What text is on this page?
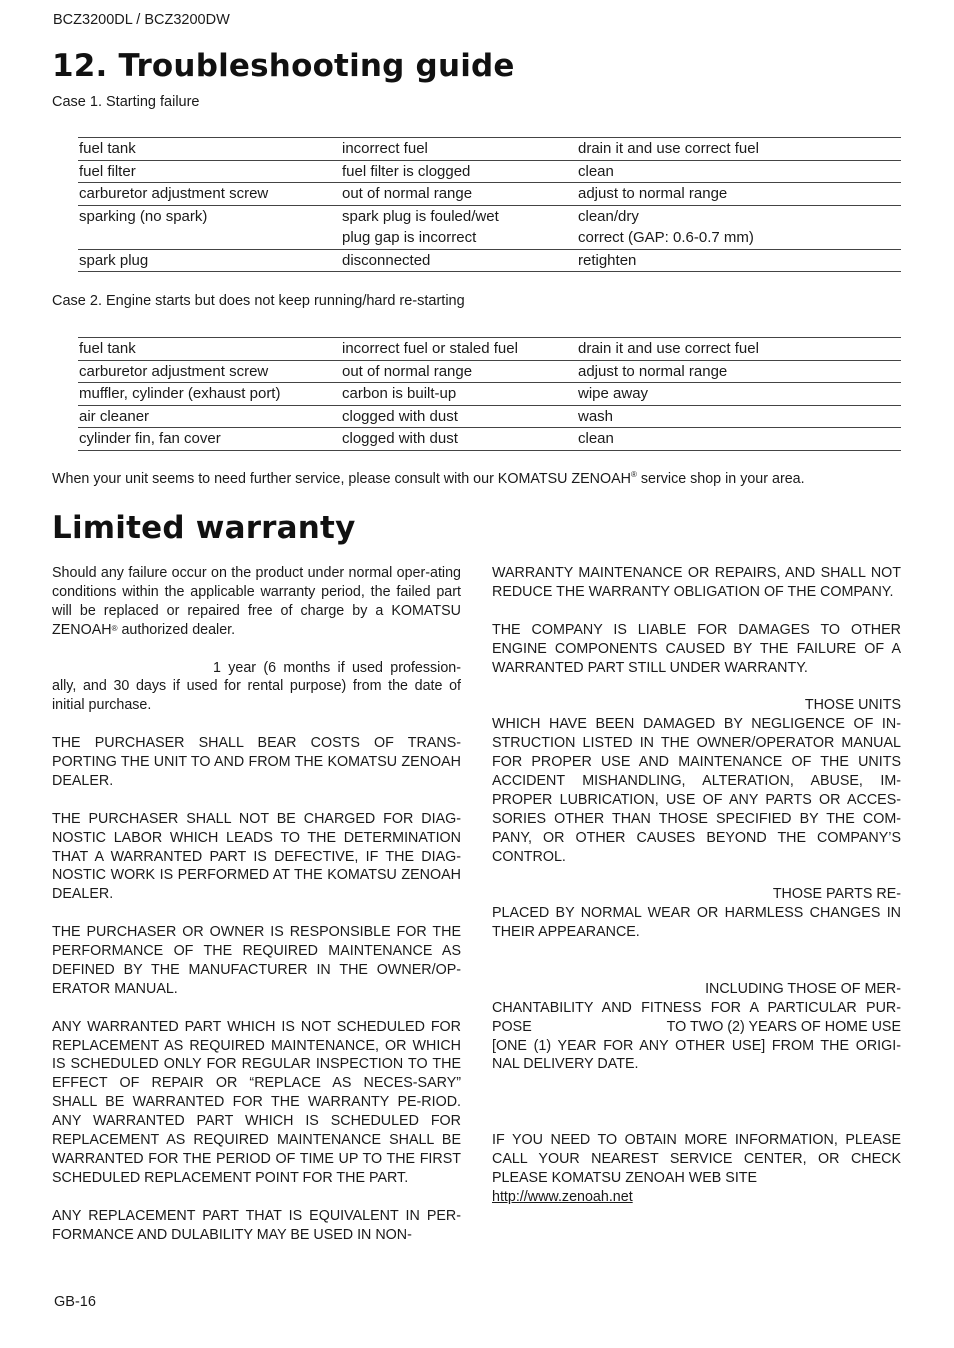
BCZ3200DL / BCZ3200DW
12. Troubleshooting guide
Case 1. Starting failure
fuel tank	incorrect fuel	drain it and use correct fuel
fuel filter	fuel filter is clogged	clean
carburetor adjustment screw	out of normal range	adjust to normal range
sparking (no spark)	spark plug is fouled/wet	clean/dry
	plug gap is incorrect	correct (GAP: 0.6-0.7 mm)
spark plug	disconnected	retighten
Case 2. Engine starts but does not keep running/hard re-starting
fuel tank	incorrect fuel or staled fuel	drain it and use correct fuel
carburetor adjustment screw	out of normal range	adjust to normal range
muffler, cylinder (exhaust port)	carbon is built-up	wipe away
air cleaner	clogged with dust	wash
cylinder fin, fan cover	clogged with dust	clean
When your unit seems to need further service, please consult with our KOMATSU ZENOAH® service shop in your area.
Limited warranty

Should any failure occur on the product under normal oper-ating conditions within the applicable warranty period, the failed part will be replaced or repaired free of charge by a KOMATSU ZENOAH® authorized dealer.

1 year (6 months if used profession-ally, and 30 days if used for rental purpose) from the date of initial purchase.

THE PURCHASER SHALL BEAR COSTS OF TRANS-PORTING THE UNIT TO AND FROM THE KOMATSU ZENOAH DEALER.

THE PURCHASER SHALL NOT BE CHARGED FOR DIAG-NOSTIC LABOR WHICH LEADS TO THE DETERMINATION THAT A WARRANTED PART IS DEFECTIVE, IF THE DIAG-NOSTIC WORK IS PERFORMED AT THE KOMATSU ZENOAH DEALER.

THE PURCHASER OR OWNER IS RESPONSIBLE FOR THE PERFORMANCE OF THE REQUIRED MAINTENANCE AS DEFINED BY THE MANUFACTURER IN THE OWNER/OP-ERATOR MANUAL.

ANY WARRANTED PART WHICH IS NOT SCHEDULED FOR REPLACEMENT AS REQUIRED MAINTENANCE, OR WHICH IS SCHEDULED ONLY FOR REGULAR INSPECTION TO THE EFFECT OF REPAIR OR “REPLACE AS NECES-SARY” SHALL BE WARRANTED FOR THE WARRANTY PE-RIOD. ANY WARRANTED PART WHICH IS SCHEDULED FOR REPLACEMENT AS REQUIRED MAINTENANCE SHALL BE WARRANTED FOR THE PERIOD OF TIME UP TO THE FIRST SCHEDULED REPLACEMENT POINT FOR THE PART.

ANY REPLACEMENT PART THAT IS EQUIVALENT IN PER-FORMANCE AND DULABILITY MAY BE USED IN NON-

WARRANTY MAINTENANCE OR REPAIRS, AND SHALL NOT REDUCE THE WARRANTY OBLIGATION OF THE COMPANY.

THE COMPANY IS LIABLE FOR DAMAGES TO OTHER ENGINE COMPONENTS CAUSED BY THE FAILURE OF A WARRANTED PART STILL UNDER WARRANTY.

THOSE UNITS
WHICH HAVE BEEN DAMAGED BY NEGLIGENCE OF IN-STRUCTION LISTED IN THE OWNER/OPERATOR MANUAL FOR PROPER USE AND MAINTENANCE OF THE UNITS ACCIDENT MISHANDLING, ALTERATION, ABUSE, IM-PROPER LUBRICATION, USE OF ANY PARTS OR ACCES-SORIES OTHER THAN THOSE SPECIFIED BY THE COM-PANY, OR OTHER CAUSES BEYOND THE COMPANY’S CONTROL.

THOSE PARTS RE-
PLACED BY NORMAL WEAR OR HARMLESS CHANGES IN THEIR APPEARANCE.

INCLUDING THOSE OF MER-
CHANTABILITY AND FITNESS FOR A PARTICULAR PUR-
POSE	TO TWO (2) YEARS OF HOME USE
[ONE (1) YEAR FOR ANY OTHER USE] FROM THE ORIGI-NAL DELIVERY DATE.

IF YOU NEED TO OBTAIN MORE INFORMATION, PLEASE CALL YOUR NEAREST SERVICE CENTER, OR CHECK PLEASE KOMATSU ZENOAH WEB SITE
http://www.zenoah.net

GB-16
